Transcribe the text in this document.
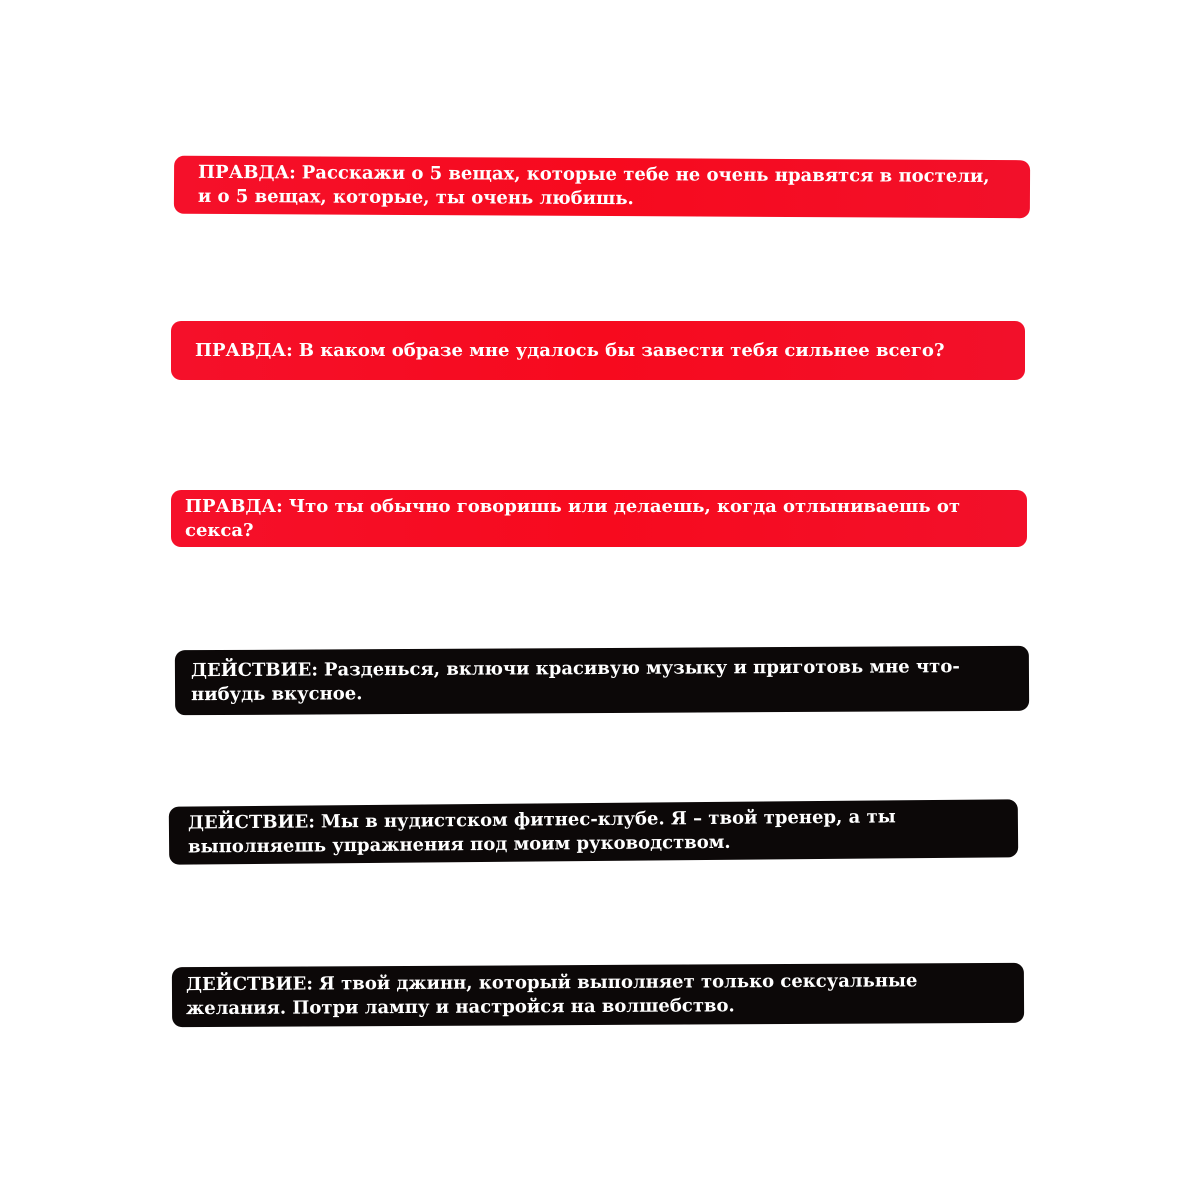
ПРАВДА: Расскажи о 5 вещах, которые тебе не очень нравятся в постели, и о 5 вещах, которые, ты очень любишь.
ПРАВДА: В каком образе мне удалось бы завести тебя сильнее всего?
ПРАВДА: Что ты обычно говоришь или делаешь, когда отлыниваешь от секса?
ДЕЙСТВИЕ: Разденься, включи красивую музыку и приготовь мне что-нибудь вкусное.
ДЕЙСТВИЕ: Мы в нудистском фитнес-клубе. Я – твой тренер, а ты выполняешь упражнения под моим руководством.
ДЕЙСТВИЕ: Я твой джинн, который выполняет только сексуальные желания. Потри лампу и настройся на волшебство.
